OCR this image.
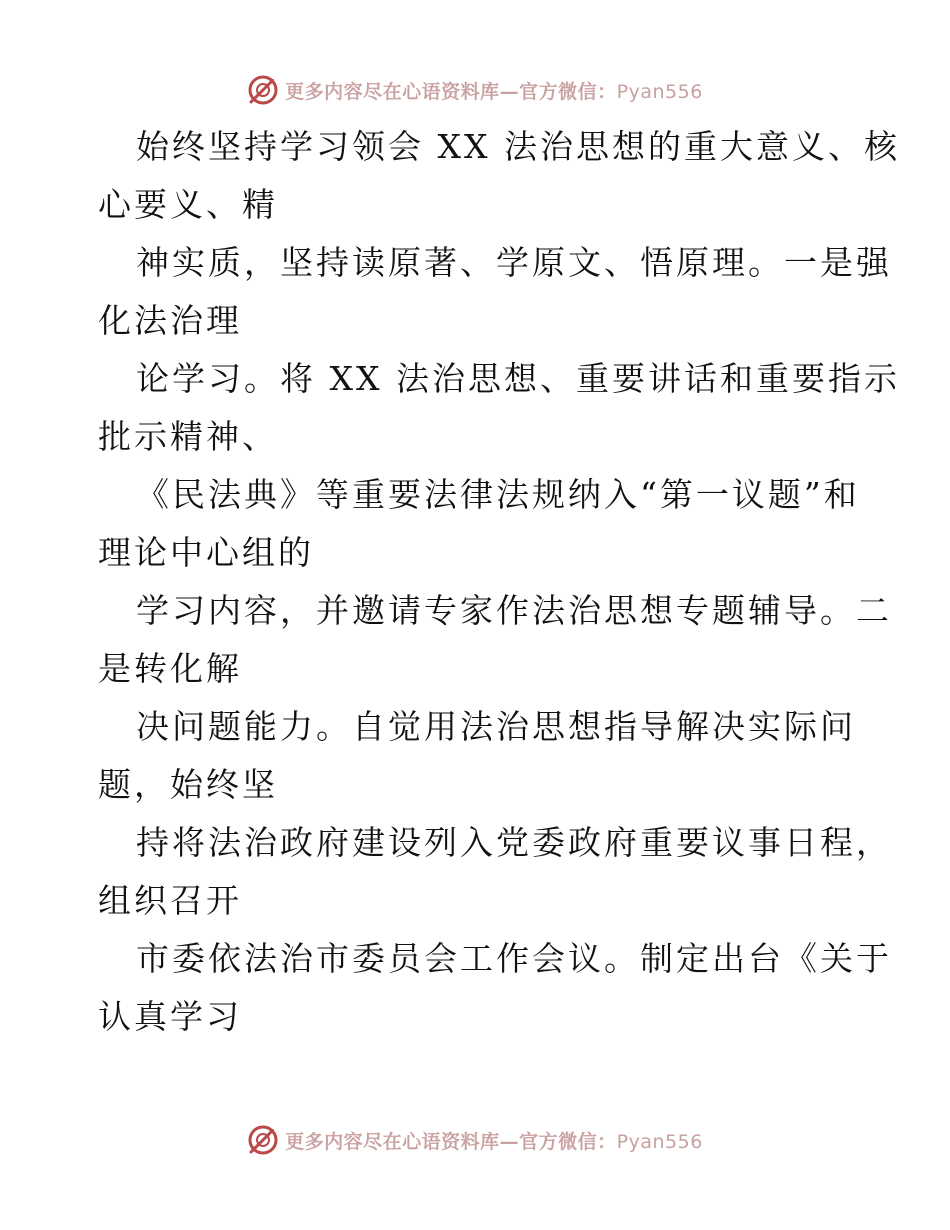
更多内容尽在心语资料库—官方微信：Pyan556
始终坚持学习领会 XX 法治思想的重大意义、核
心要义、精
神实质，坚持读原著、学原文、悟原理。一是强
化法治理
论学习。将 XX 法治思想、重要讲话和重要指示
批示精神、
《民法典》等重要法律法规纳入“第一议题”和
理论中心组的
学习内容，并邀请专家作法治思想专题辅导。二
是转化解
决问题能力。自觉用法治思想指导解决实际问
题，始终坚
持将法治政府建设列入党委政府重要议事日程，
组织召开
市委依法治市委员会工作会议。制定出台《关于
认真学习
更多内容尽在心语资料库—官方微信：Pyan556
